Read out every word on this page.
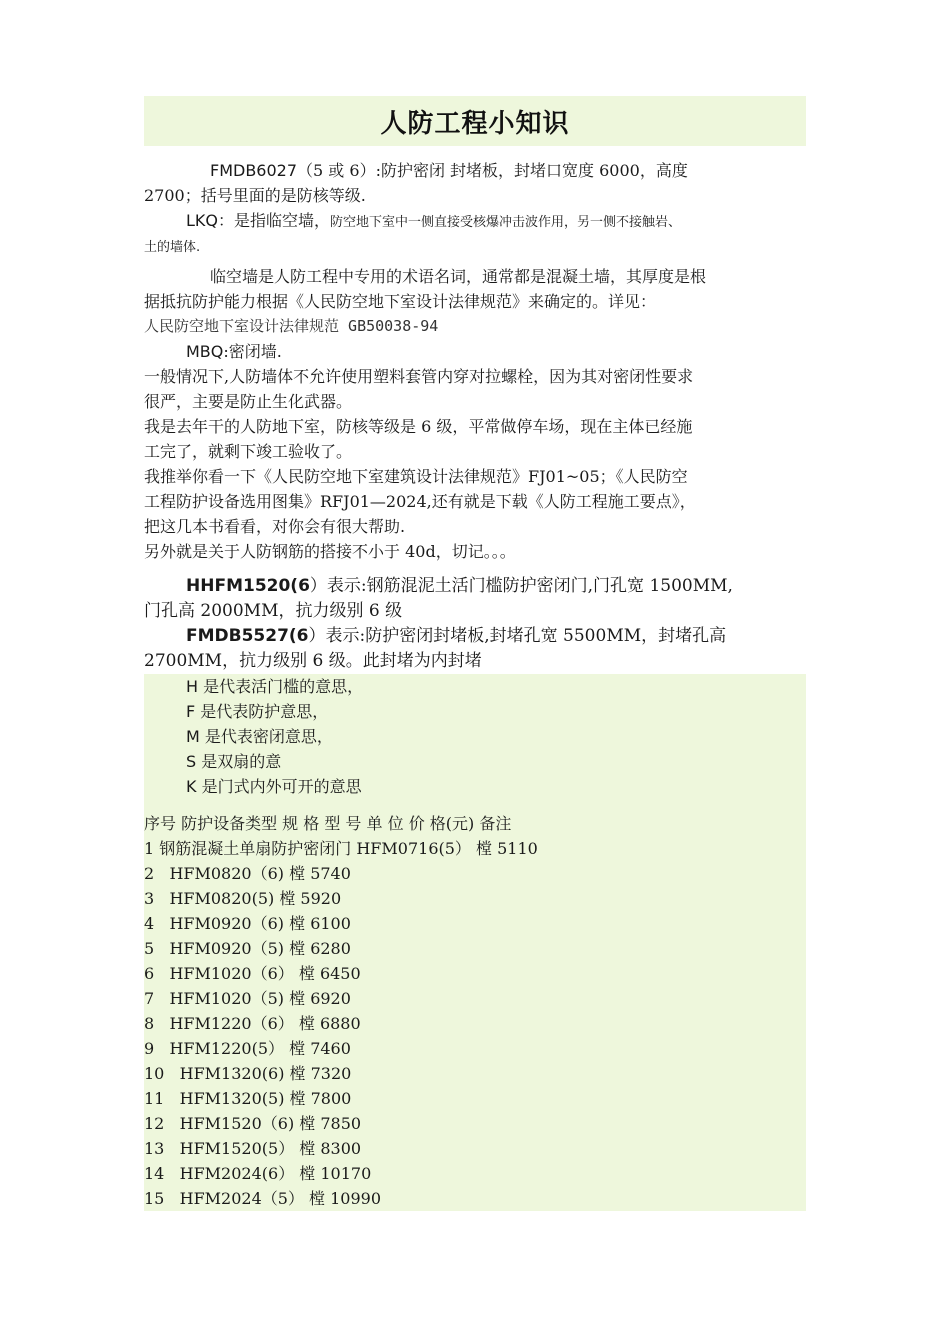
人防工程小知识

FMDB6027（5 或 6）:防护密闭 封堵板，封堵口宽度 6000，高度

2700；括号里面的是防核等级.

LKQ：是指临空墙，防空地下室中一侧直接受核爆冲击波作用，另一侧不接触岩、

土的墙体.

临空墙是人防工程中专用的术语名词，通常都是混凝土墙，其厚度是根

据抵抗防护能力根据《人民防空地下室设计法律规范》来确定的。详见：

人民防空地下室设计法律规范 GB50038-94

MBQ:密闭墙.

一般情况下,人防墙体不允许使用塑料套管内穿对拉螺栓，因为其对密闭性要求

很严，主要是防止生化武器。

我是去年干的人防地下室，防核等级是 6 级，平常做停车场，现在主体已经施

工完了，就剩下竣工验收了。

我推举你看一下《人民防空地下室建筑设计法律规范》FJ01~05；《人民防空

工程防护设备选用图集》RFJ01—2024,还有就是下载《人防工程施工要点》，

把这几本书看看，对你会有很大帮助.

另外就是关于人防钢筋的搭接不小于 40d，切记。。。

HHFM1520(6）表示:钢筋混泥土活门槛防护密闭门,门孔宽 1500MM,

门孔高 2000MM，抗力级别 6 级

FMDB5527(6）表示:防护密闭封堵板,封堵孔宽 5500MM，封堵孔高

2700MM，抗力级别 6 级。此封堵为内封堵

H 是代表活门槛的意思，
F 是代表防护意思，
M 是代表密闭意思，
S 是双扇的意
K 是门式内外可开的意思
序号 防护设备类型 规 格 型 号 单 位 价 格(元) 备注
1 钢筋混凝土单扇防护密闭门 HFM0716(5） 樘 5110
2   HFM0820（6) 樘 5740
3   HFM0820(5) 樘 5920
4   HFM0920（6) 樘 6100
5   HFM0920（5) 樘 6280
6   HFM1020（6） 樘 6450
7   HFM1020（5) 樘 6920
8   HFM1220（6） 樘 6880
9   HFM1220(5） 樘 7460
10   HFM1320(6) 樘 7320
11   HFM1320(5) 樘 7800
12   HFM1520（6) 樘 7850
13   HFM1520(5） 樘 8300
14   HFM2024(6） 樘 10170
15   HFM2024（5） 樘 10990
